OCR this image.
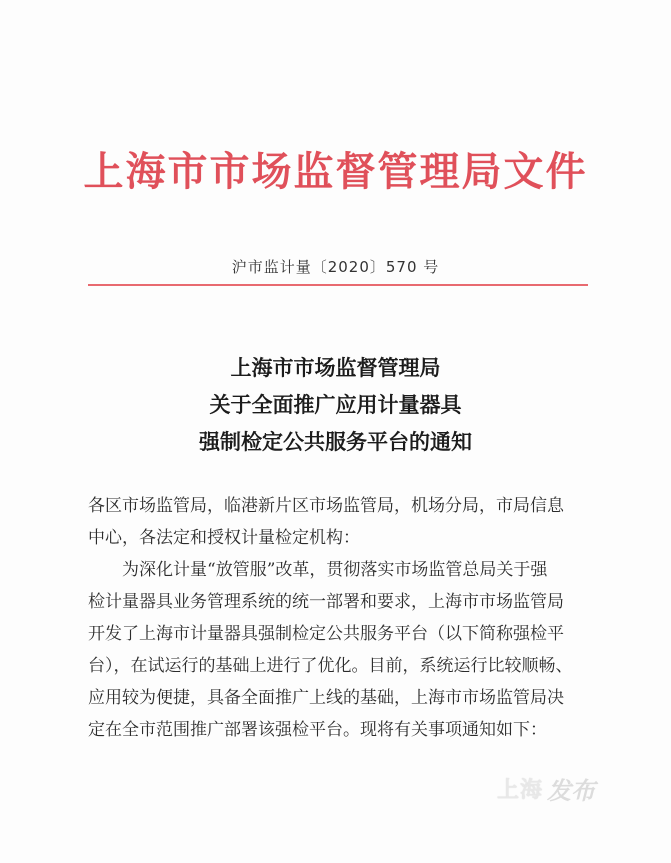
上海市市场监督管理局文件
沪市监计量〔2020〕570 号
上海市市场监督管理局
关于全面推广应用计量器具
强制检定公共服务平台的通知

各区市场监管局，临港新片区市场监管局，机场分局，市局信息

中心，各法定和授权计量检定机构：

为深化计量“放管服”改革，贯彻落实市场监管总局关于强

检计量器具业务管理系统的统一部署和要求，上海市市场监管局

开发了上海市计量器具强制检定公共服务平台（以下简称强检平

台），在试运行的基础上进行了优化。目前，系统运行比较顺畅、

应用较为便捷，具备全面推广上线的基础，上海市市场监管局决

定在全市范围推广部署该强检平台。现将有关事项通知如下：

上海 发布
